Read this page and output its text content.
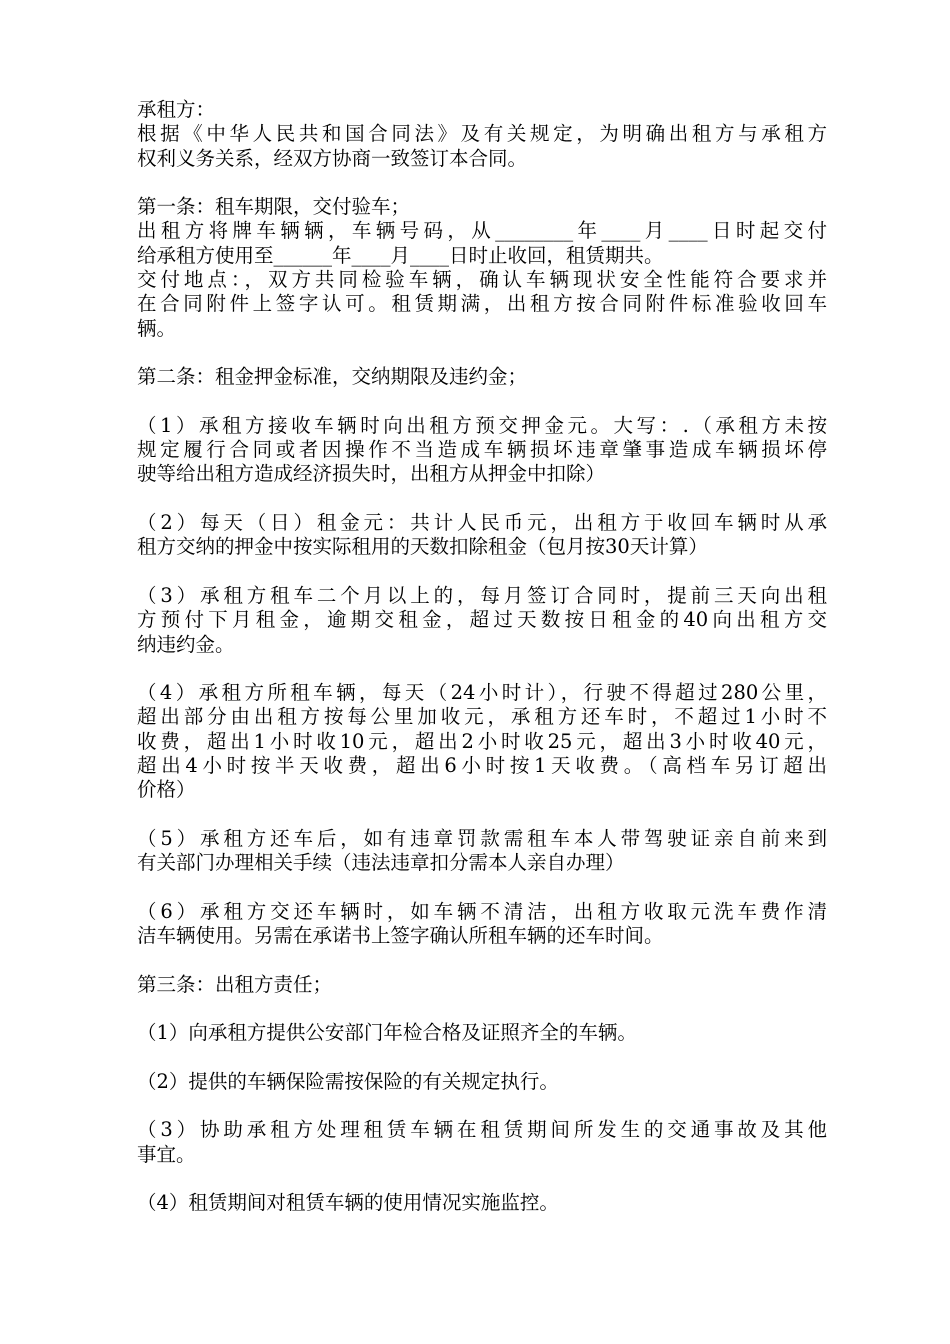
承租方：
根据《中华人民共和国合同法》及有关规定，为明确出租方与承租方
权利义务关系，经双方协商一致签订本合同。
第一条：租车期限，交付验车；
出租方将牌车辆辆，车辆号码，从________年____月____日时起交付
给承租方使用至______年____月____日时止收回，租赁期共。
交付地点：，双方共同检验车辆，确认车辆现状安全性能符合要求并
在合同附件上签字认可。租赁期满，出租方按合同附件标准验收回车
辆。
第二条：租金押金标准，交纳期限及违约金；
（1）承租方接收车辆时向出租方预交押金元。大写：.（承租方未按
规定履行合同或者因操作不当造成车辆损坏违章肇事造成车辆损坏停
驶等给出租方造成经济损失时，出租方从押金中扣除）
（2）每天（日）租金元：共计人民币元，出租方于收回车辆时从承
租方交纳的押金中按实际租用的天数扣除租金（包月按30天计算）
（3）承租方租车二个月以上的，每月签订合同时，提前三天向出租
方预付下月租金，逾期交租金，超过天数按日租金的40向出租方交
纳违约金。
（4）承租方所租车辆，每天（24小时计），行驶不得超过280公里，
超出部分由出租方按每公里加收元，承租方还车时，不超过1小时不
收费，超出1小时收10元，超出2小时收25元，超出3小时收40元，
超出4小时按半天收费，超出6小时按1天收费。（高档车另订超出
价格）
（5）承租方还车后，如有违章罚款需租车本人带驾驶证亲自前来到
有关部门办理相关手续（违法违章扣分需本人亲自办理）
（6）承租方交还车辆时，如车辆不清洁，出租方收取元洗车费作清
洁车辆使用。另需在承诺书上签字确认所租车辆的还车时间。
第三条：出租方责任；
（1）向承租方提供公安部门年检合格及证照齐全的车辆。
（2）提供的车辆保险需按保险的有关规定执行。
（3）协助承租方处理租赁车辆在租赁期间所发生的交通事故及其他
事宜。
（4）租赁期间对租赁车辆的使用情况实施监控。
